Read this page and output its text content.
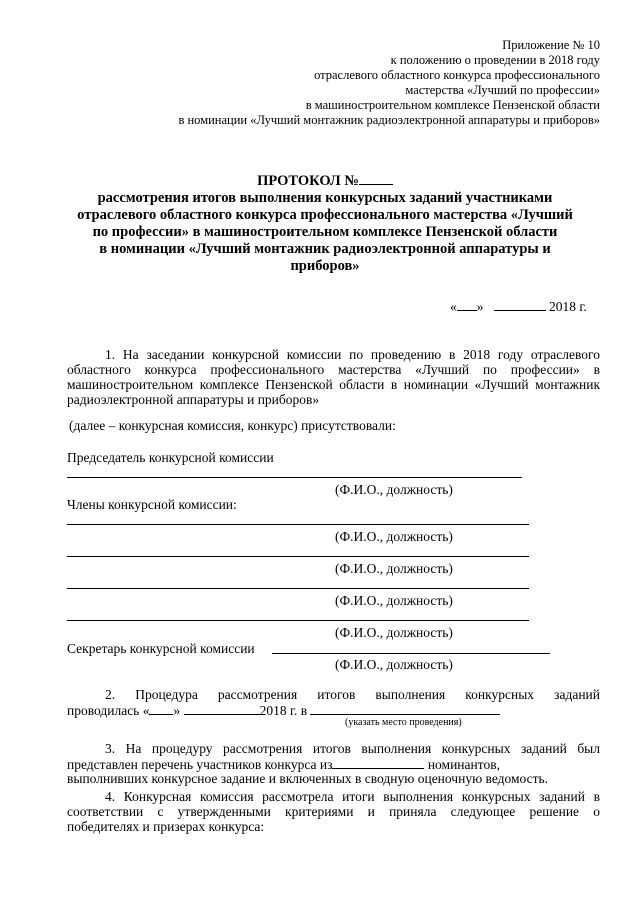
Приложение № 10
к положению о проведении в 2018 году
отраслевого областного конкурса профессионального
мастерства «Лучший по профессии»
в машиностроительном комплексе Пензенской области
в номинации «Лучший монтажник радиоэлектронной аппаратуры и приборов»
ПРОТОКОЛ №
рассмотрения итогов выполнения конкурсных заданий участниками
отраслевого областного конкурса профессионального мастерства «Лучший
по профессии» в машиностроительном комплексе Пензенской области
в номинации «Лучший монтажник радиоэлектронной аппаратуры и
приборов»
« »	2018 г.
1. На заседании конкурсной комиссии по проведению в 2018 году отраслевого областного конкурса профессионального мастерства «Лучший по профессии» в машиностроительном комплексе Пензенской области в номинации «Лучший монтажник радиоэлектронной аппаратуры и приборов»
(далее – конкурсная комиссия, конкурс) присутствовали:
Председатель конкурсной комиссии
(Ф.И.О., должность)
Члены конкурсной комиссии:
(Ф.И.О., должность)
(Ф.И.О., должность)
(Ф.И.О., должность)
(Ф.И.О., должность)
Секретарь конкурсной комиссии
(Ф.И.О., должность)
2. Процедура рассмотрения итогов выполнения конкурсных заданий
проводилась « »	2018 г. в
(указать место проведения)
3. На процедуру рассмотрения итогов выполнения конкурсных заданий был
представлен перечень участников конкурса из	номинантов,
выполнивших конкурсное задание и включенных в сводную оценочную ведомость.
4. Конкурсная комиссия рассмотрела итоги выполнения конкурсных заданий в
соответствии с утвержденными критериями и приняла следующее решение о
победителях и призерах конкурса:
